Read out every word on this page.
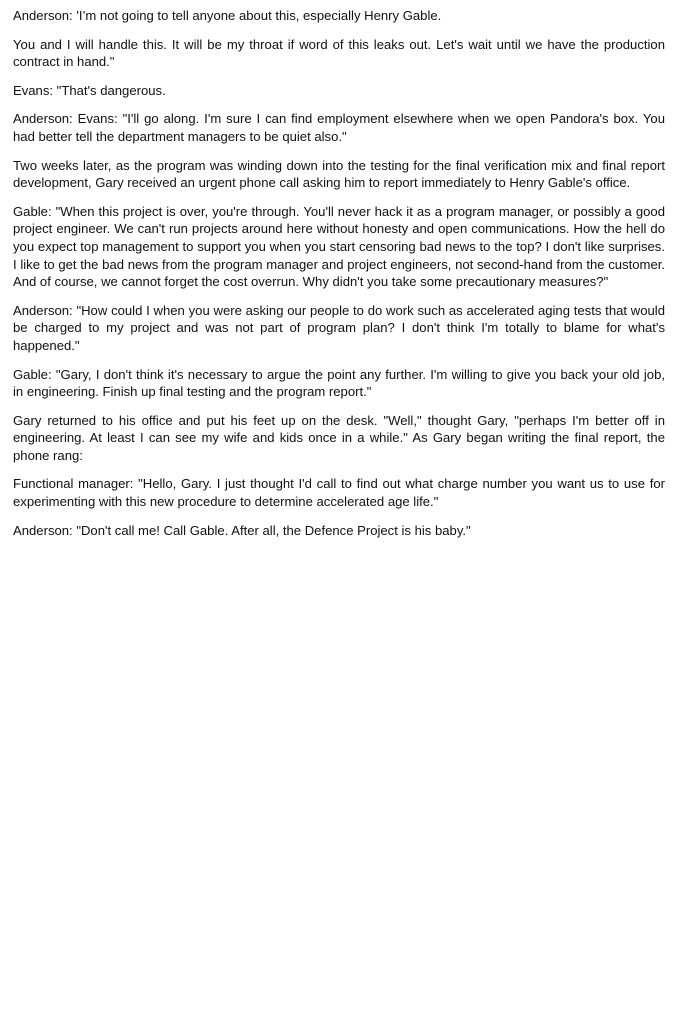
Anderson: 'I’m not going to tell anyone about this, especially Henry Gable.

You and I will handle this. It will be my throat if word of this leaks out. Let's wait until we have the production contract in hand."

Evans: "That's dangerous.

Anderson: Evans: "I'll go along. I'm sure I can find employment elsewhere when we open Pandora's box. You had better tell the department managers to be quiet also."

Two weeks later, as the program was winding down into the testing for the final verification mix and final report development, Gary received an urgent phone call asking him to report immediately to Henry Gable's office.

Gable: "When this project is over, you're through. You'll never hack it as a program manager, or possibly a good project engineer. We can't run projects around here without honesty and open communications. How the hell do you expect top management to support you when you start censoring bad news to the top? I don't like surprises. I like to get the bad news from the program manager and project engineers, not second-hand from the customer. And of course, we cannot forget the cost overrun. Why didn't you take some precautionary measures?"

Anderson: "How could I when you were asking our people to do work such as accelerated aging tests that would be charged to my project and was not part of program plan? I don't think I'm totally to blame for what's happened."

Gable: "Gary, I don't think it's necessary to argue the point any further. I'm willing to give you back your old job, in engineering. Finish up final testing and the program report."

Gary returned to his office and put his feet up on the desk. "Well," thought Gary, "perhaps I'm better off in engineering. At least I can see my wife and kids once in a while." As Gary began writing the final report, the phone rang:

Functional manager: "Hello, Gary. I just thought I'd call to find out what charge number you want us to use for experimenting with this new procedure to determine accelerated age life."

Anderson: "Don't call me! Call Gable. After all, the Defence Project is his baby."
